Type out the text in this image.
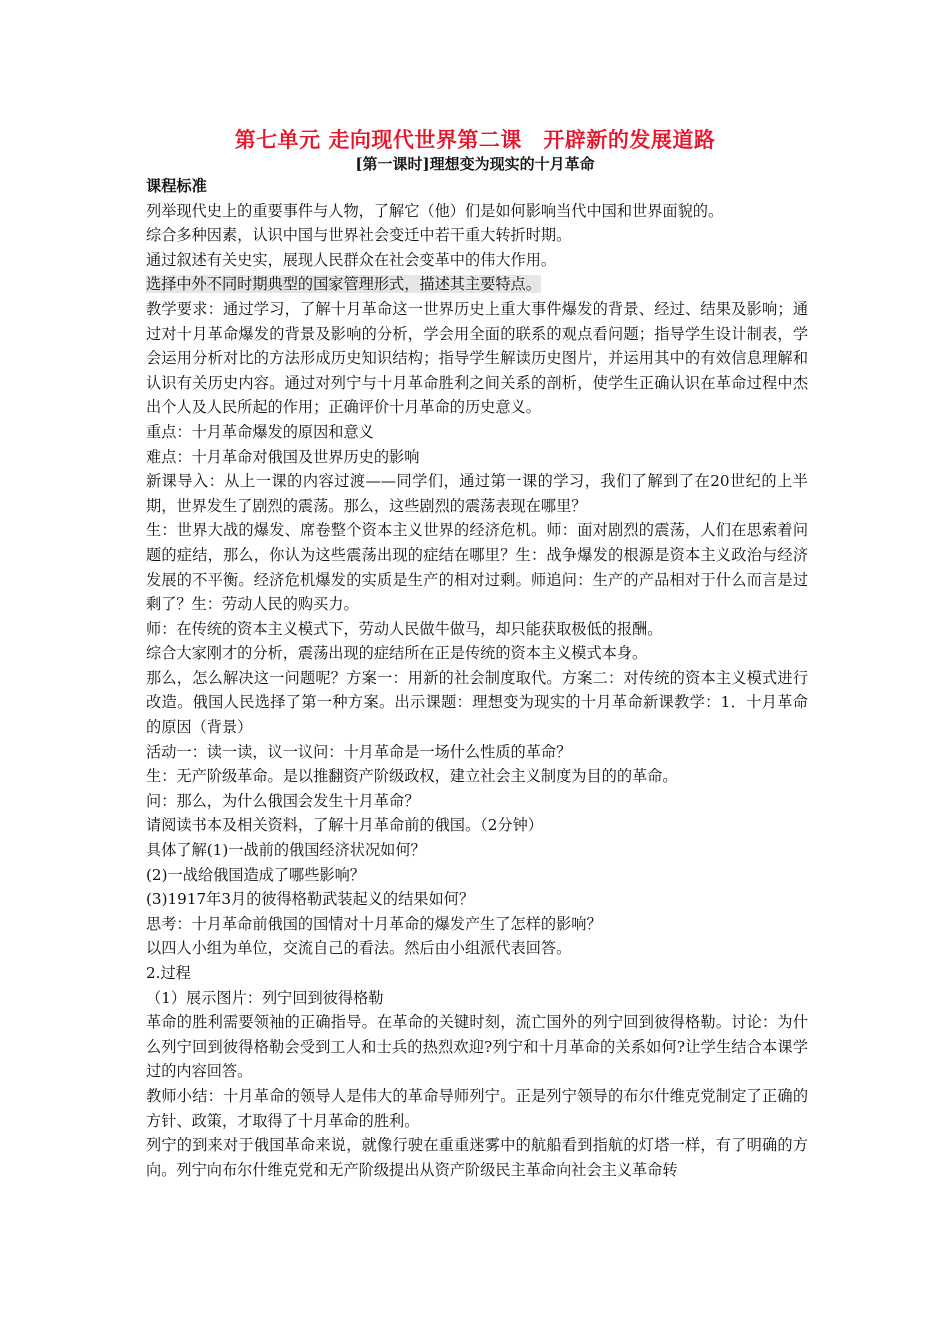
第七单元 走向现代世界第二课　开辟新的发展道路
[第一课时]理想变为现实的十月革命

课程标准

列举现代史上的重要事件与人物，了解它（他）们是如何影响当代中国和世界面貌的。

综合多种因素，认识中国与世界社会变迁中若干重大转折时期。

通过叙述有关史实，展现人民群众在社会变革中的伟大作用。

选择中外不同时期典型的国家管理形式，描述其主要特点。

教学要求：通过学习，了解十月革命这一世界历史上重大事件爆发的背景、经过、结果及影响；通过对十月革命爆发的背景及影响的分析，学会用全面的联系的观点看问题；指导学生设计制表，学会运用分析对比的方法形成历史知识结构；指导学生解读历史图片，并运用其中的有效信息理解和认识有关历史内容。通过对列宁与十月革命胜利之间关系的剖析，使学生正确认识在革命过程中杰出个人及人民所起的作用；正确评价十月革命的历史意义。

重点：十月革命爆发的原因和意义

难点：十月革命对俄国及世界历史的影响

新课导入：从上一课的内容过渡——同学们，通过第一课的学习，我们了解到了在20世纪的上半期，世界发生了剧烈的震荡。那么，这些剧烈的震荡表现在哪里？

生：世界大战的爆发、席卷整个资本主义世界的经济危机。师：面对剧烈的震荡，人们在思索着问题的症结，那么，你认为这些震荡出现的症结在哪里？生：战争爆发的根源是资本主义政治与经济发展的不平衡。经济危机爆发的实质是生产的相对过剩。师追问：生产的产品相对于什么而言是过剩了？生：劳动人民的购买力。

师：在传统的资本主义模式下，劳动人民做牛做马，却只能获取极低的报酬。

综合大家刚才的分析，震荡出现的症结所在正是传统的资本主义模式本身。

那么，怎么解决这一问题呢？方案一：用新的社会制度取代。方案二：对传统的资本主义模式进行改造。俄国人民选择了第一种方案。出示课题：理想变为现实的十月革命新课教学：1．十月革命的原因（背景）

活动一：读一读，议一议问：十月革命是一场什么性质的革命？

生：无产阶级革命。是以推翻资产阶级政权，建立社会主义制度为目的的革命。

问：那么，为什么俄国会发生十月革命？

请阅读书本及相关资料，了解十月革命前的俄国。（2分钟）

具体了解(1)一战前的俄国经济状况如何？

(2)一战给俄国造成了哪些影响？

(3)1917年3月的彼得格勒武装起义的结果如何？

思考：十月革命前俄国的国情对十月革命的爆发产生了怎样的影响？

以四人小组为单位，交流自己的看法。然后由小组派代表回答。

2.过程

（1）展示图片：列宁回到彼得格勒

革命的胜利需要领袖的正确指导。在革命的关键时刻，流亡国外的列宁回到彼得格勒。讨论：为什么列宁回到彼得格勒会受到工人和士兵的热烈欢迎?列宁和十月革命的关系如何?让学生结合本课学过的内容回答。

教师小结：十月革命的领导人是伟大的革命导师列宁。正是列宁领导的布尔什维克党制定了正确的方针、政策，才取得了十月革命的胜利。

列宁的到来对于俄国革命来说，就像行驶在重重迷雾中的航船看到指航的灯塔一样，有了明确的方向。列宁向布尔什维克党和无产阶级提出从资产阶级民主革命向社会主义革命转
